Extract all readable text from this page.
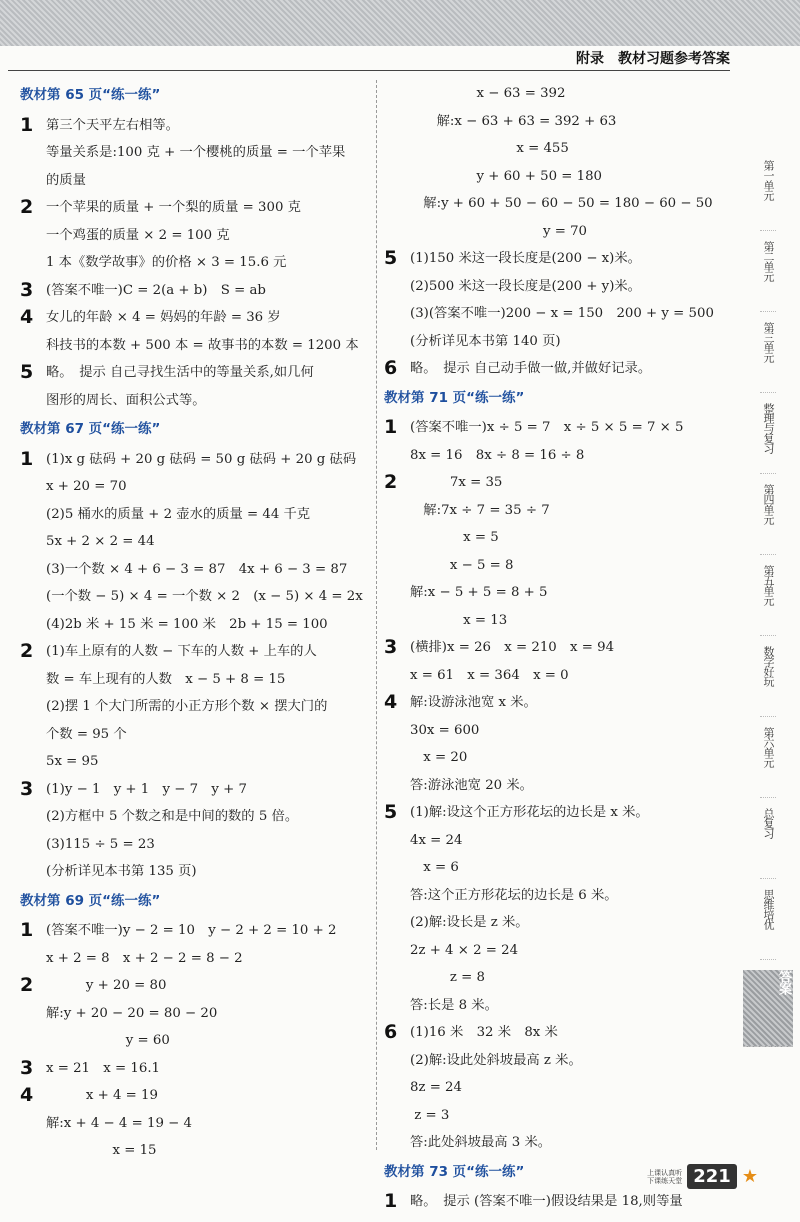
附录　教材习题参考答案
教材第 65 页“练一练”
1 第三个天平左右相等。
等量关系是:100 克 + 一个樱桃的质量 = 一个苹果
的质量
2 一个苹果的质量 + 一个梨的质量 = 300 克
一个鸡蛋的质量 × 2 = 100 克
1 本《数学故事》的价格 × 3 = 15.6 元
3 (答案不唯一)C = 2(a + b)　S = ab
4 女儿的年龄 × 4 = 妈妈的年龄 = 36 岁
科技书的本数 + 500 本 = 故事书的本数 = 1200 本
5 略。　提示 自己寻找生活中的等量关系,如几何
图形的周长、面积公式等。
教材第 67 页“练一练”
1 (1)x g 砝码 + 20 g 砝码 = 50 g 砝码 + 20 g 砝码
x + 20 = 70
(2)5 桶水的质量 + 2 壶水的质量 = 44 千克
5x + 2 × 2 = 44
(3)一个数 × 4 + 6 − 3 = 87　4x + 6 − 3 = 87
(一个数 − 5) × 4 = 一个数 × 2　(x − 5) × 4 = 2x
(4)2b 米 + 15 米 = 100 米　2b + 15 = 100
2 (1)车上原有的人数 − 下车的人数 + 上车的人
数 = 车上现有的人数　x − 5 + 8 = 15
(2)摆 1 个大门所需的小正方形个数 × 摆大门的
个数 = 95 个
5x = 95
3 (1)y − 1　y + 1　y − 7　y + 7
(2)方框中 5 个数之和是中间的数的 5 倍。
(3)115 ÷ 5 = 23
(分析详见本书第 135 页)
教材第 69 页“练一练”
1 (答案不唯一)y − 2 = 10　y − 2 + 2 = 10 + 2
x + 2 = 8　x + 2 − 2 = 8 − 2
2 　　　y + 20 = 80
解:y + 20 − 20 = 80 − 20
　　　　　　y = 60
3 x = 21　x = 16.1
4 　　　x + 4 = 19
解:x + 4 − 4 = 19 − 4
　　　　　x = 15
　　　　　x − 63 = 392
　　解:x − 63 + 63 = 392 + 63
　　　　　　　　x = 455
　　　　　y + 60 + 50 = 180
　解:y + 60 + 50 − 60 − 50 = 180 − 60 − 50
　　　　　　　　　　y = 70
5 (1)150 米这一段长度是(200 − x)米。
(2)500 米这一段长度是(200 + y)米。
(3)(答案不唯一)200 − x = 150　200 + y = 500
(分析详见本书第 140 页)
6 略。　提示 自己动手做一做,并做好记录。
教材第 71 页“练一练”
1 (答案不唯一)x ÷ 5 = 7　x ÷ 5 × 5 = 7 × 5
8x = 16　8x ÷ 8 = 16 ÷ 8
2 　　　7x = 35
　解:7x ÷ 7 = 35 ÷ 7
　　　　x = 5
　　　x − 5 = 8
解:x − 5 + 5 = 8 + 5
　　　　x = 13
3 (横排)x = 26　x = 210　x = 94
x = 61　x = 364　x = 0
4 解:设游泳池宽 x 米。
30x = 600
　x = 20
答:游泳池宽 20 米。
5 (1)解:设这个正方形花坛的边长是 x 米。
4x = 24
　x = 6
答:这个正方形花坛的边长是 6 米。
(2)解:设长是 z 米。
2z + 4 × 2 = 24
　　　z = 8
答:长是 8 米。
6 (1)16 米　32 米　8x 米
(2)解:设此处斜坡最高 z 米。
8z = 24
z = 3
答:此处斜坡最高 3 米。
教材第 73 页“练一练”
1 略。　提示 (答案不唯一)假设结果是 18,则等量
第一单元
第二单元
第三单元
整理与复习
第四单元
第五单元
数学好玩
第六单元
总复习
思维培优
答案
上课认真听
下课练天堂 221 ★
